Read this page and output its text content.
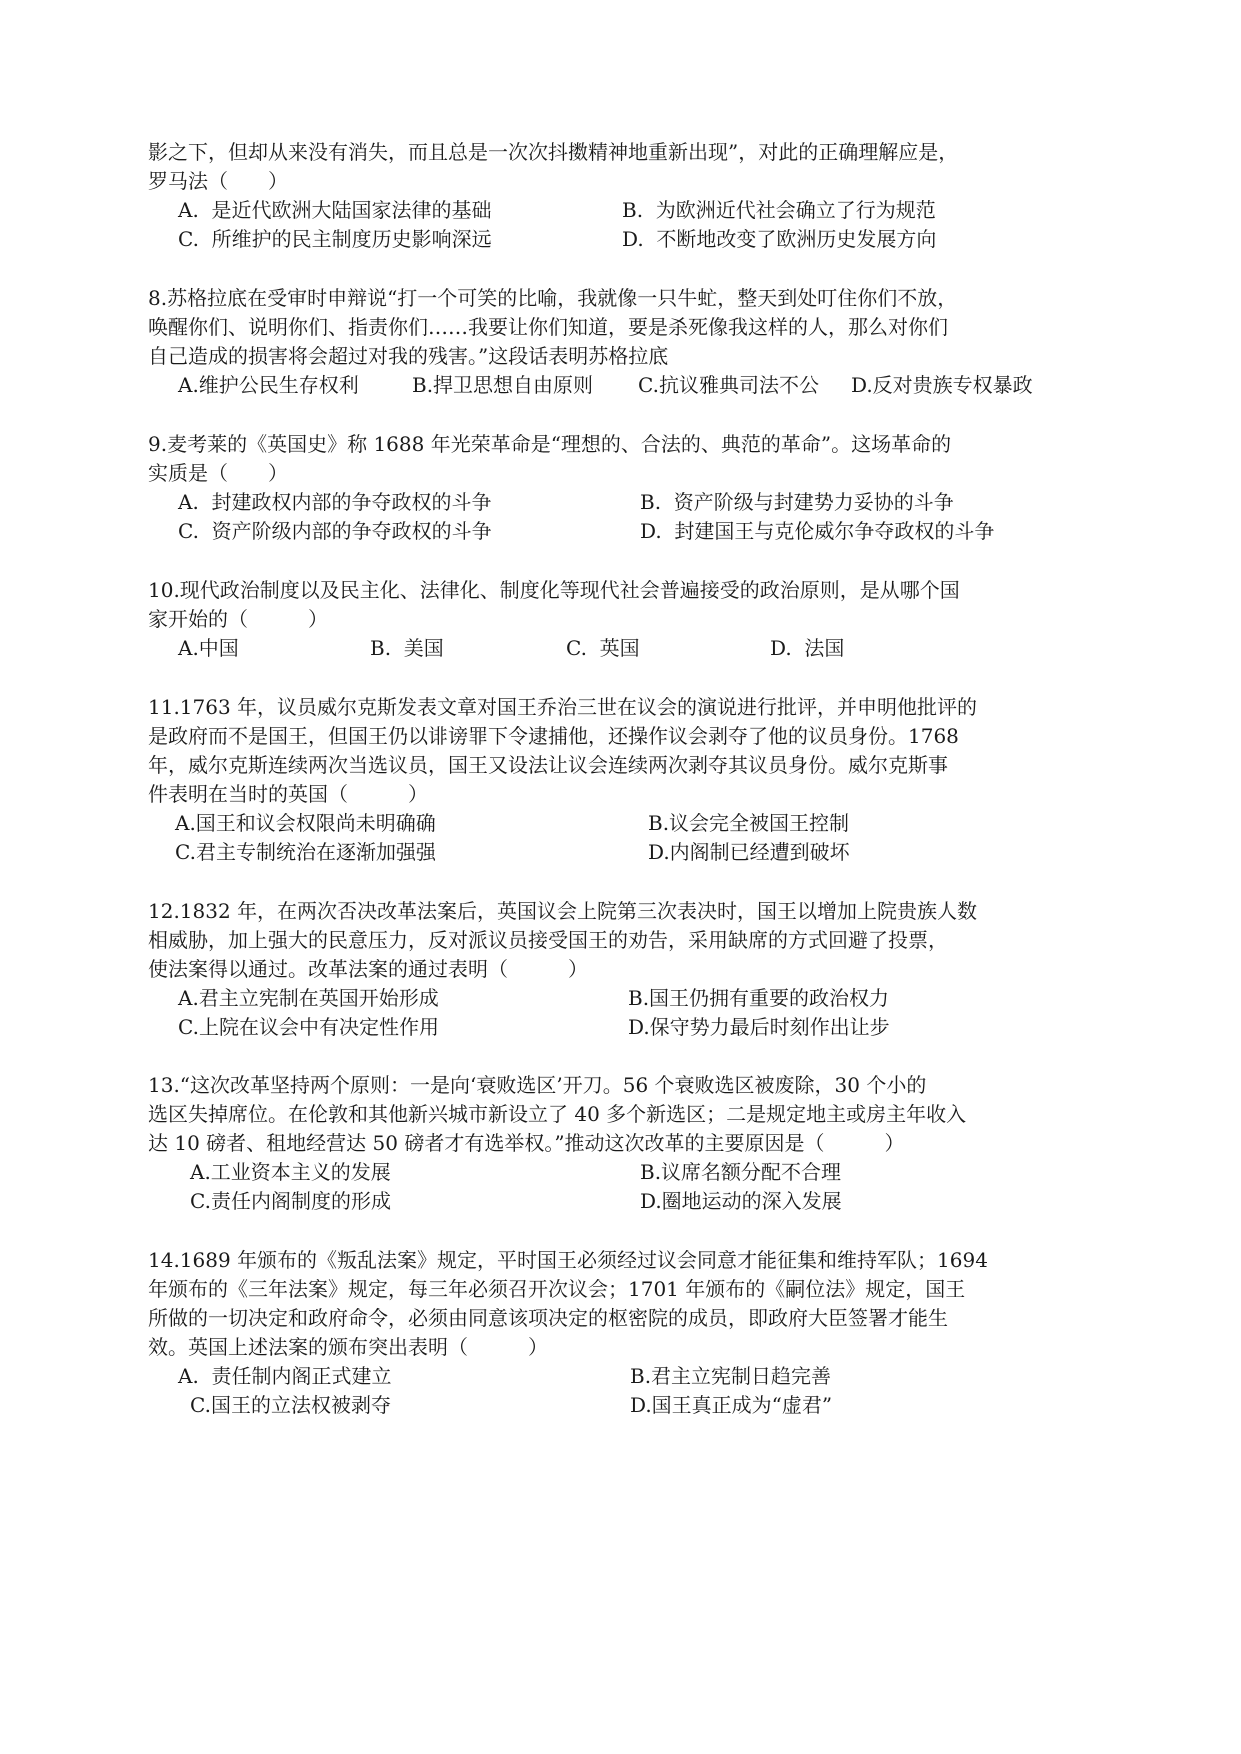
影之下，但却从来没有消失，而且总是一次次抖擞精神地重新出现”，对此的正确理解应是，
罗马法（　　）
A.  是近代欧洲大陆国家法律的基础	B.  为欧洲近代社会确立了行为规范
C.  所维护的民主制度历史影响深远	D.  不断地改变了欧洲历史发展方向
8.苏格拉底在受审时申辩说“打一个可笑的比喻，我就像一只牛虻，整天到处叮住你们不放，
唤醒你们、说明你们、指责你们……我要让你们知道，要是杀死像我这样的人，那么对你们
自己造成的损害将会超过对我的残害。”这段话表明苏格拉底
A.维护公民生存权利	B.捍卫思想自由原则 C.抗议雅典司法不公 D.反对贵族专权暴政
9.麦考莱的《英国史》称 1688 年光荣革命是“理想的、合法的、典范的革命”。这场革命的
实质是（　　）
A.  封建政权内部的争夺政权的斗争	B.  资产阶级与封建势力妥协的斗争
C.  资产阶级内部的争夺政权的斗争	D.  封建国王与克伦威尔争夺政权的斗争
10.现代政治制度以及民主化、法律化、制度化等现代社会普遍接受的政治原则，是从哪个国
家开始的（　　　）
A.中国	B.  美国	C.  英国	D.  法国
11.1763 年，议员威尔克斯发表文章对国王乔治三世在议会的演说进行批评，并申明他批评的
是政府而不是国王，但国王仍以诽谤罪下令逮捕他，还操作议会剥夺了他的议员身份。1768
年，威尔克斯连续两次当选议员，国王又设法让议会连续两次剥夺其议员身份。威尔克斯事
件表明在当时的英国（　　　）
A.国王和议会权限尚未明确确	B.议会完全被国王控制
C.君主专制统治在逐渐加强强	D.内阁制已经遭到破坏
12.1832 年，在两次否决改革法案后，英国议会上院第三次表决时，国王以增加上院贵族人数
相威胁，加上强大的民意压力，反对派议员接受国王的劝告，采用缺席的方式回避了投票，
使法案得以通过。改革法案的通过表明（　　　）
A.君主立宪制在英国开始形成	B.国王仍拥有重要的政治权力
C.上院在议会中有决定性作用	D.保守势力最后时刻作出让步
13.“这次改革坚持两个原则：一是向‘衰败选区’开刀。56 个衰败选区被废除，30 个小的
选区失掉席位。在伦敦和其他新兴城市新设立了 40 多个新选区；二是规定地主或房主年收入
达 10 磅者、租地经营达 50 磅者才有选举权。”推动这次改革的主要原因是（　　　）
A.工业资本主义的发展	B.议席名额分配不合理
C.责任内阁制度的形成	D.圈地运动的深入发展
14.1689 年颁布的《叛乱法案》规定，平时国王必须经过议会同意才能征集和维持军队；1694
年颁布的《三年法案》规定，每三年必须召开次议会；1701 年颁布的《嗣位法》规定，国王
所做的一切决定和政府命令，必须由同意该项决定的枢密院的成员，即政府大臣签署才能生
效。英国上述法案的颁布突出表明（　　　）
A.  责任制内阁正式建立	B.君主立宪制日趋完善
C.国王的立法权被剥夺	D.国王真正成为“虚君”
